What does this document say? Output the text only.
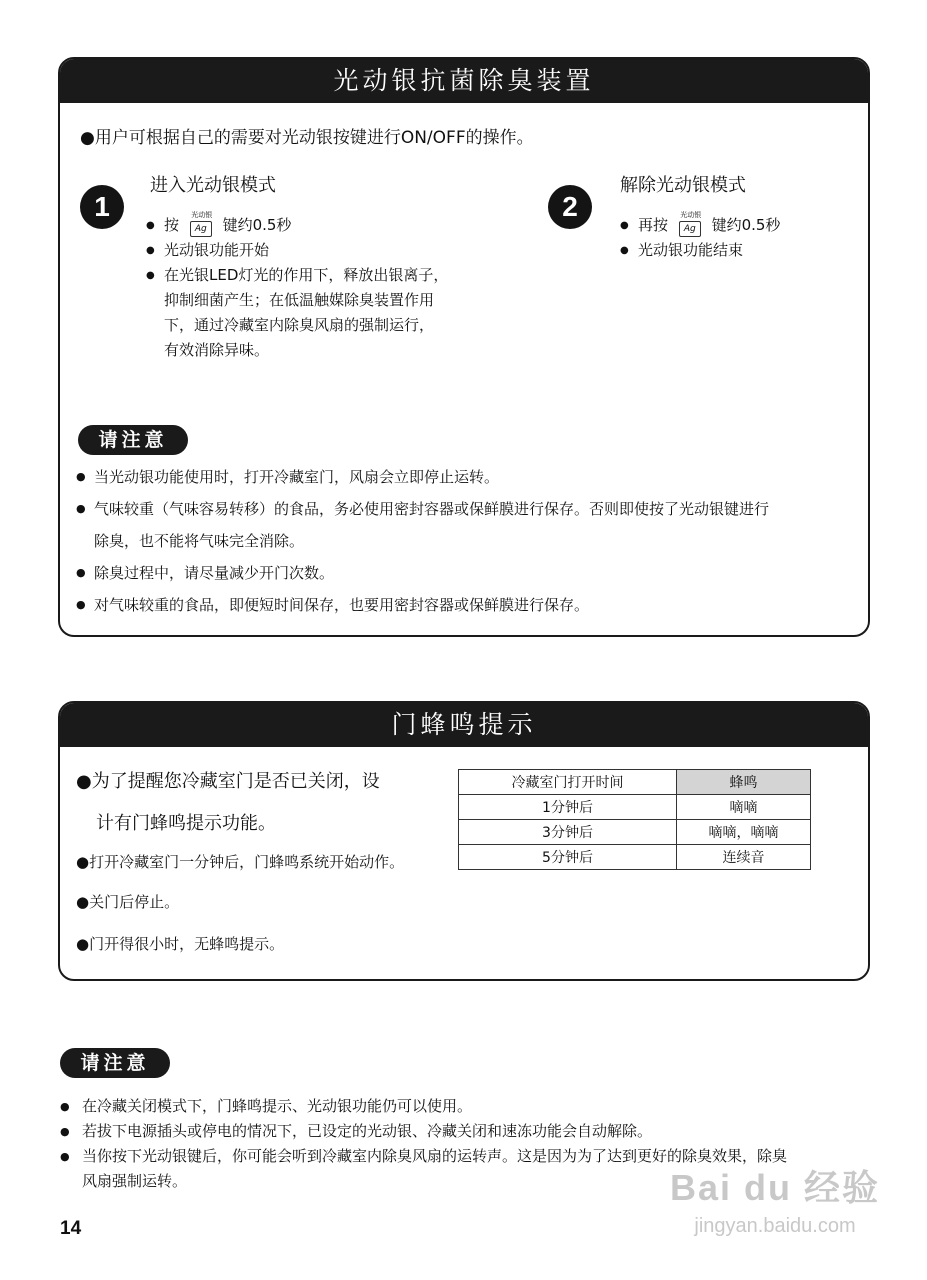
光动银抗菌除臭装置
●用户可根据自己的需要对光动银按键进行ON/OFF的操作。
1
进入光动银模式
● 按
光动银
Ag 键约0.5秒
● 光动银功能开始
● 在光银LED灯光的作用下，释放出银离子，
抑制细菌产生；在低温触媒除臭装置作用
下，通过冷藏室内除臭风扇的强制运行，
有效消除异味。
2
解除光动银模式
● 再按
光动银
Ag 键约0.5秒
● 光动银功能结束
请注意
● 当光动银功能使用时，打开冷藏室门，风扇会立即停止运转。
● 气味较重（气味容易转移）的食品，务必使用密封容器或保鲜膜进行保存。否则即使按了光动银键进行
除臭，也不能将气味完全消除。
● 除臭过程中，请尽量减少开门次数。
● 对气味较重的食品，即便短时间保存，也要用密封容器或保鲜膜进行保存。
门蜂鸣提示
●为了提醒您冷藏室门是否已关闭，设
计有门蜂鸣提示功能。
●打开冷藏室门一分钟后，门蜂鸣系统开始动作。
●关门后停止。
●门开得很小时，无蜂鸣提示。
冷藏室门打开时间	蜂鸣
1分钟后	嘀嘀
3分钟后	嘀嘀，嘀嘀
5分钟后	连续音
请注意
● 在冷藏关闭模式下，门蜂鸣提示、光动银功能仍可以使用。
● 若拔下电源插头或停电的情况下，已设定的光动银、冷藏关闭和速冻功能会自动解除。
● 当你按下光动银键后，你可能会听到冷藏室内除臭风扇的运转声。这是因为为了达到更好的除臭效果，除臭
风扇强制运转。
14
Bai du 经验
jingyan.baidu.com
